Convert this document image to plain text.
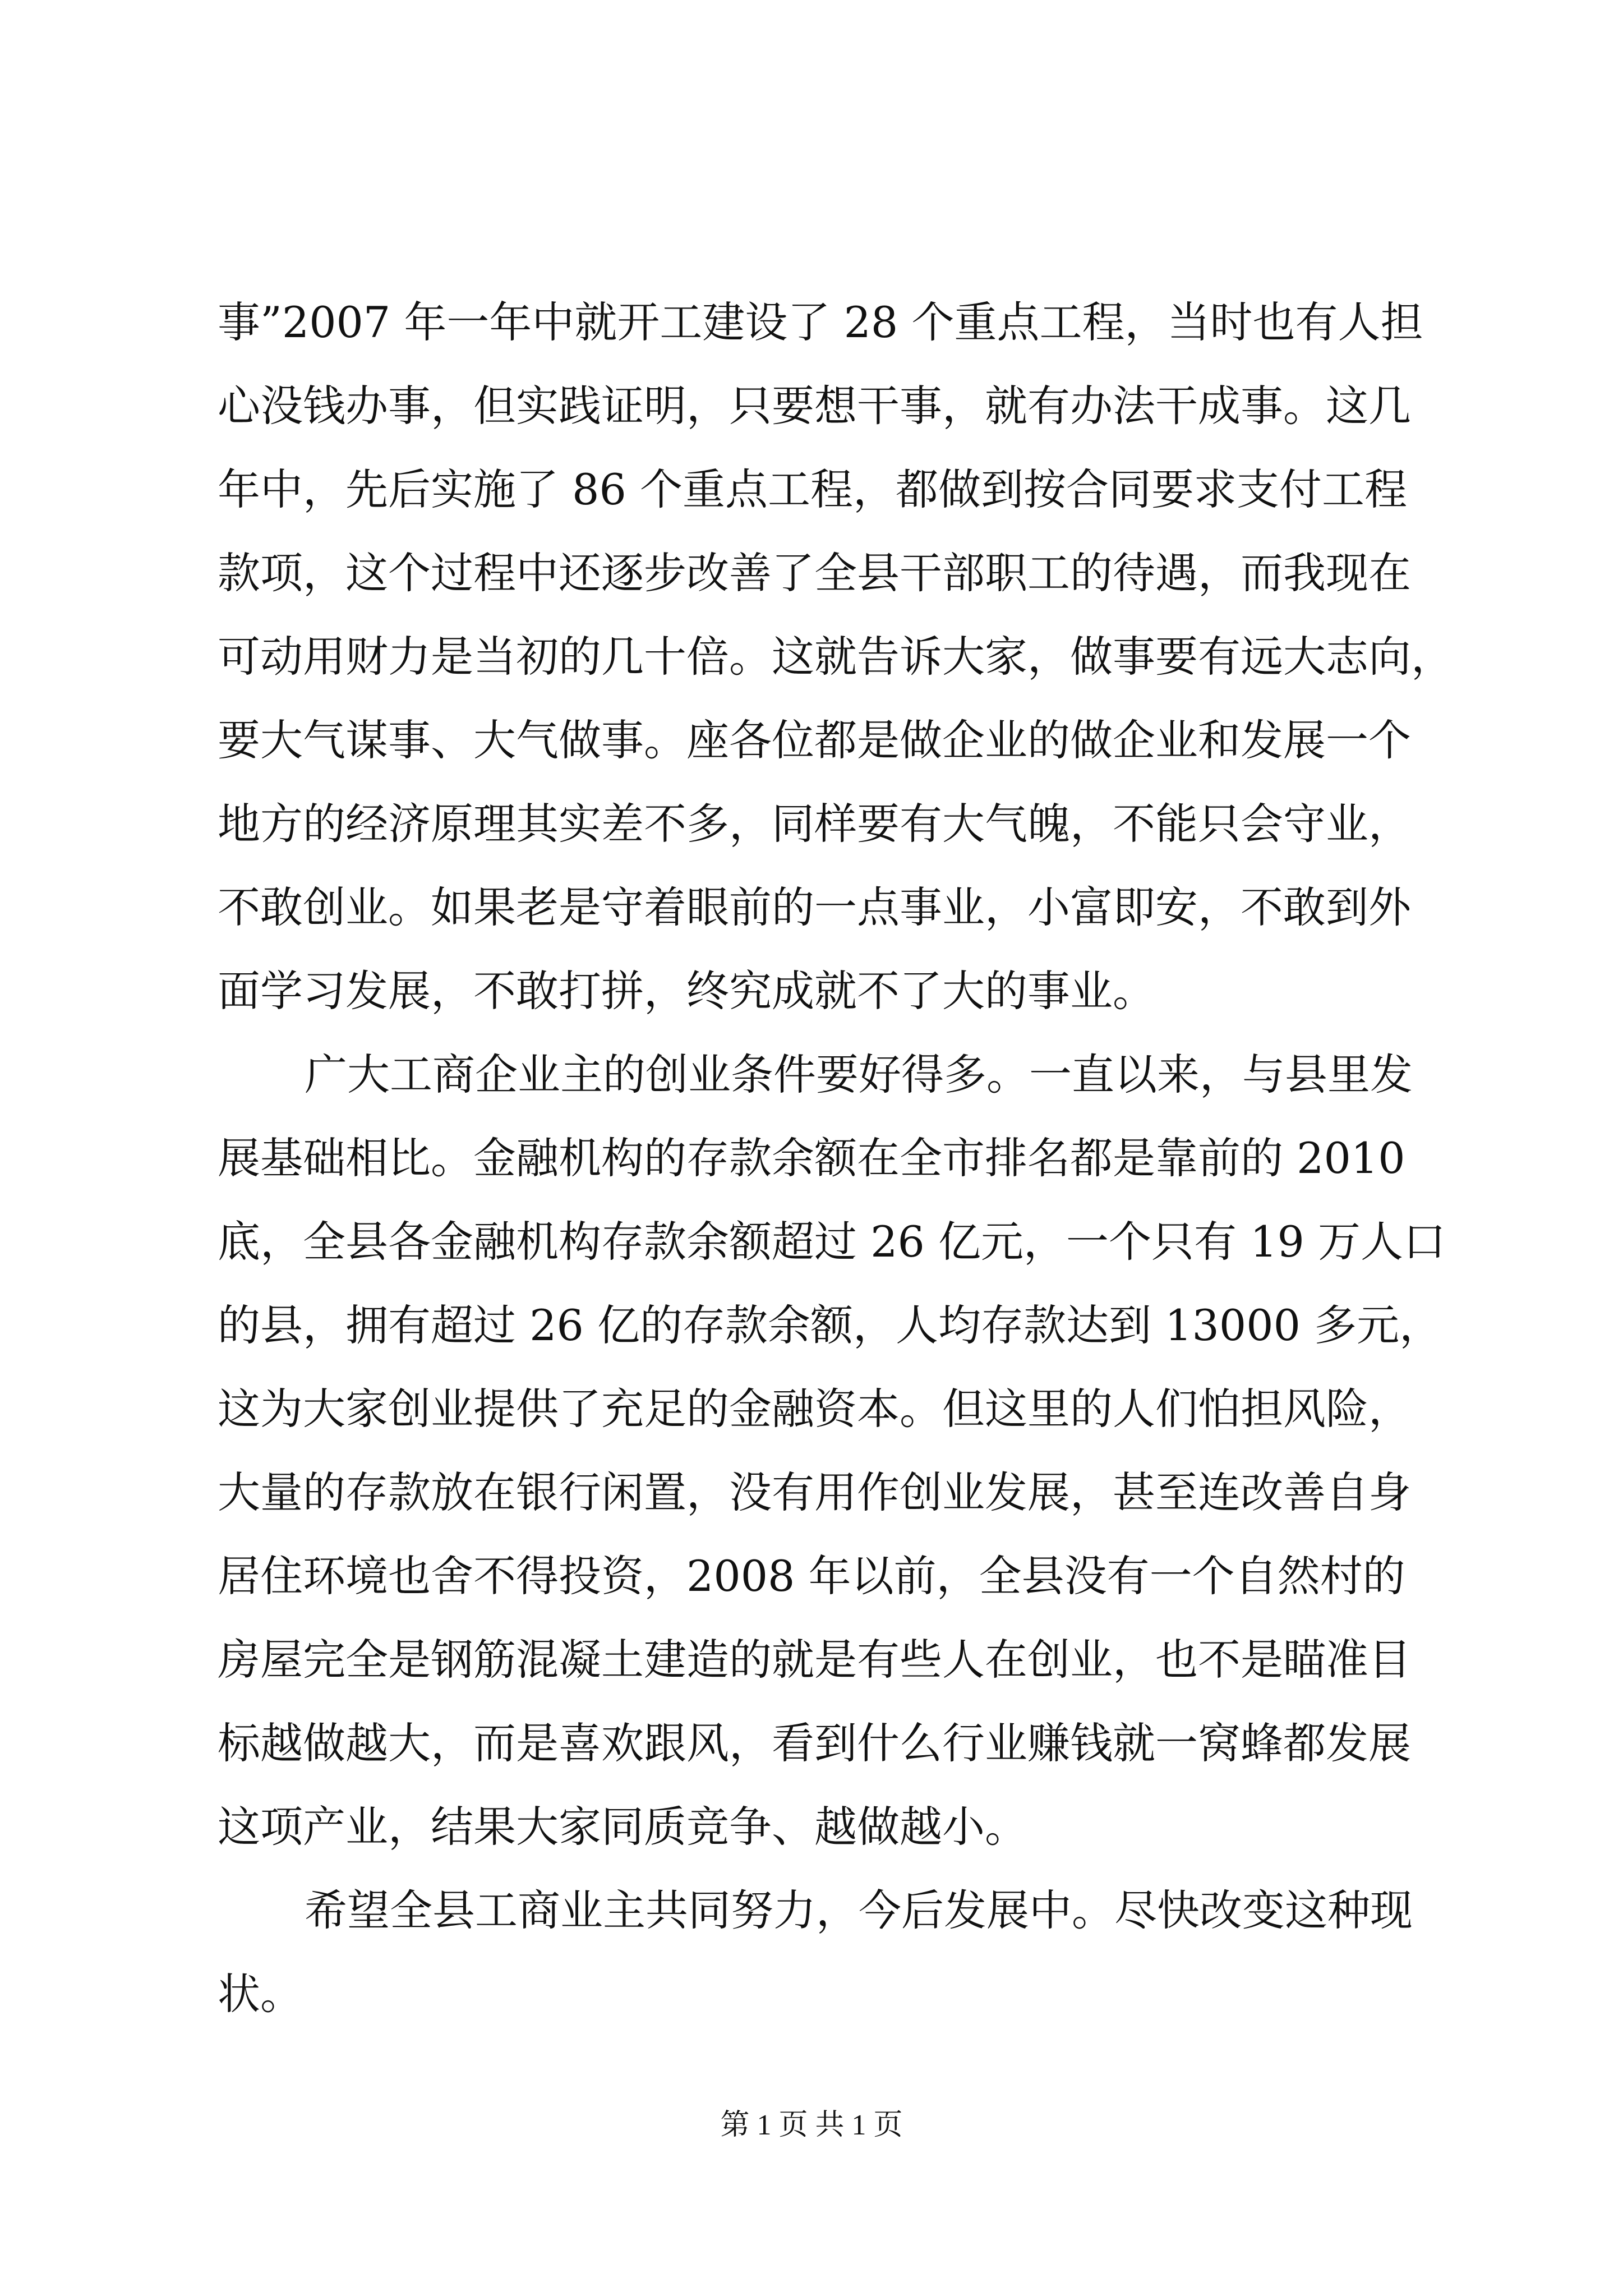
事”2007 年一年中就开工建设了 28 个重点工程，当时也有人担
心没钱办事，但实践证明，只要想干事，就有办法干成事。这几
年中，先后实施了 86 个重点工程，都做到按合同要求支付工程
款项，这个过程中还逐步改善了全县干部职工的待遇，而我现在
可动用财力是当初的几十倍。这就告诉大家，做事要有远大志向，
要大气谋事、大气做事。座各位都是做企业的做企业和发展一个
地方的经济原理其实差不多，同样要有大气魄，不能只会守业，
不敢创业。如果老是守着眼前的一点事业，小富即安，不敢到外
面学习发展，不敢打拼，终究成就不了大的事业。
广大工商企业主的创业条件要好得多。一直以来，与县里发
展基础相比。金融机构的存款余额在全市排名都是靠前的 2010
底，全县各金融机构存款余额超过 26 亿元，一个只有 19 万人口
的县，拥有超过 26 亿的存款余额，人均存款达到 13000 多元，
这为大家创业提供了充足的金融资本。但这里的人们怕担风险，
大量的存款放在银行闲置，没有用作创业发展，甚至连改善自身
居住环境也舍不得投资，2008 年以前，全县没有一个自然村的
房屋完全是钢筋混凝土建造的就是有些人在创业，也不是瞄准目
标越做越大，而是喜欢跟风，看到什么行业赚钱就一窝蜂都发展
这项产业，结果大家同质竞争、越做越小。
希望全县工商业主共同努力，今后发展中。尽快改变这种现
状。
第 1 页 共 1 页
